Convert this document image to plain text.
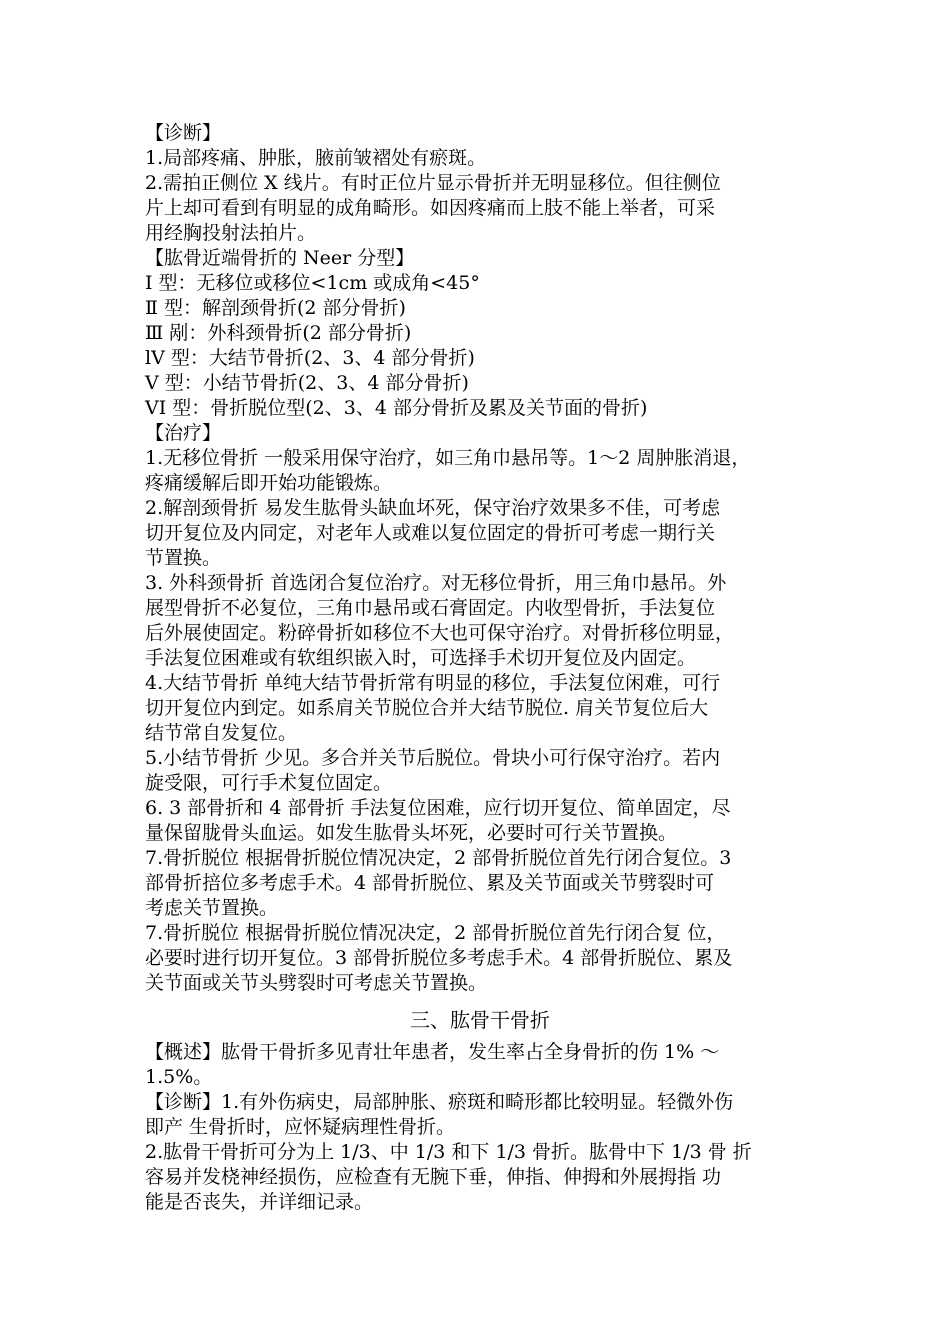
【诊断】
1.局部疼痛、肿胀，腋前皱褶处有瘀斑。
2.需拍正侧位 X 线片。有时正位片显示骨折并无明显移位。但往侧位
片上却可看到有明显的成角畸形。如因疼痛而上肢不能上举者，可采
用经胸投射法拍片。
【肱骨近端骨折的 Neer 分型】
I 型：无移位或移位<1cm 或成角<45°
Ⅱ 型：解剖颈骨折(2 部分骨折)
Ⅲ 剐：外科颈骨折(2 部分骨折)
lV 型：大结节骨折(2、3、4 部分骨折)
V 型：小结节骨折(2、3、4 部分骨折)
VI 型：骨折脱位型(2、3、4 部分骨折及累及关节面的骨折)
【治疗】
1.无移位骨折 一般采用保守治疗，如三角巾悬吊等。1～2 周肿胀消退，
疼痛缓解后即开始功能锻炼。
2.解剖颈骨折 易发生肱骨头缺血坏死，保守治疗效果多不佳，可考虑
切开复位及内同定，对老年人或难以复位固定的骨折可考虑一期行关
节置换。
3. 外科颈骨折 首选闭合复位治疗。对无移位骨折，用三角巾悬吊。外
展型骨折不必复位，三角巾悬吊或石膏固定。内收型骨折，手法复位
后外展使固定。粉碎骨折如移位不大也可保守治疗。对骨折移位明显，
手法复位困难或有软组织嵌入时，可选择手术切开复位及内固定。
4.大结节骨折 单纯大结节骨折常有明显的移位，手法复位闲难，可行
切开复位内到定。如系肩关节脱位合并大结节脱位. 肩关节复位后大
结节常自发复位。
5.小结节骨折 少见。多合并关节后脱位。骨块小可行保守治疗。若内
旋受限，可行手术复位固定。
6. 3 部骨折和 4 部骨折 手法复位困难，应行切开复位、简单固定，尽
量保留胧骨头血运。如发生肱骨头坏死，必要时可行关节置换。
7.骨折脱位 根据骨折脱位情况决定，2 部骨折脱位首先行闭合复位。3
部骨折掊位多考虑手术。4 部骨折脱位、累及关节面或关节劈裂时可
考虑关节置换。
7.骨折脱位 根据骨折脱位情况决定，2 部骨折脱位首先行闭合复 位，
必要时进行切开复位。3 部骨折脱位多考虑手术。4 部骨折脱位、累及
关节面或关节头劈裂时可考虑关节置换。
三、肱骨干骨折
【概述】肱骨干骨折多见青壮年患者，发生率占全身骨折的伤 1% ～
1.5%。
【诊断】1.有外伤病史，局部肿胀、瘀斑和畸形都比较明显。轻微外伤
即产 生骨折时，应怀疑病理性骨折。
2.肱骨干骨折可分为上 1/3、中 1/3 和下 1/3 骨折。肱骨中下 1/3 骨 折
容易并发桡神经损伤，应检查有无腕下垂，伸指、伸拇和外展拇指 功
能是否丧失，并详细记录。
